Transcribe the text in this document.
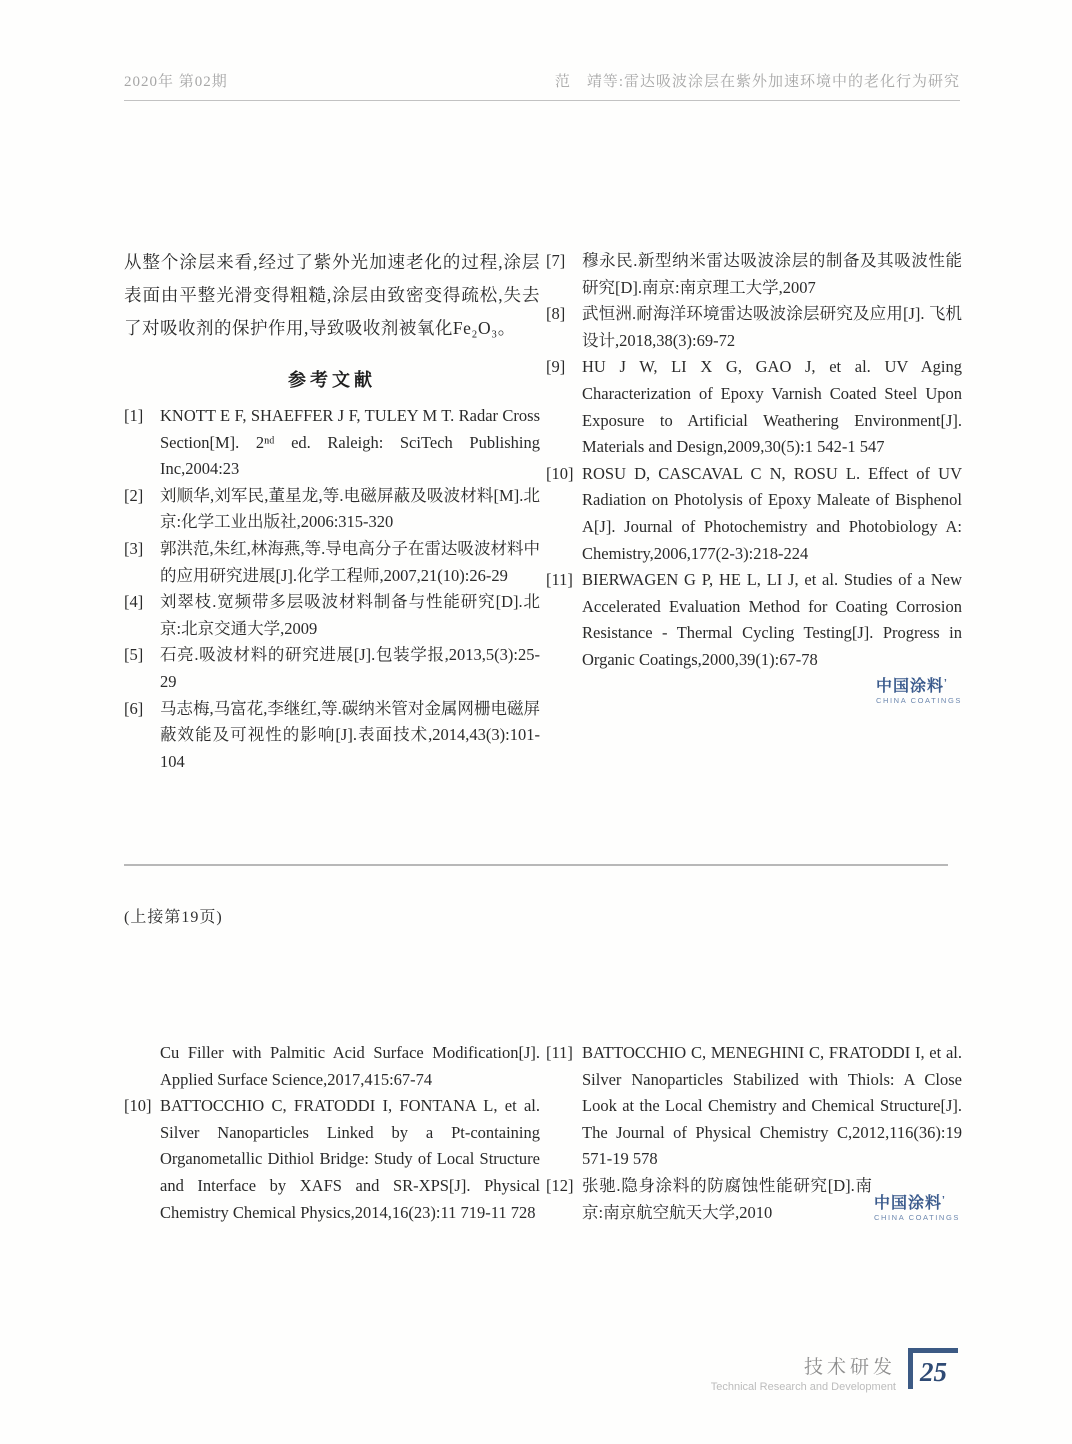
2020年 第02期	范　靖等:雷达吸波涂层在紫外加速环境中的老化行为研究
从整个涂层来看,经过了紫外光加速老化的过程,涂层表面由平整光滑变得粗糙,涂层由致密变得疏松,失去了对吸收剂的保护作用,导致吸收剂被氧化Fe₂O₃。
参考文献
[1]	KNOTT E F, SHAEFFER J F, TULEY M T. Radar Cross Section[M]. 2ⁿᵈ ed. Raleigh: SciTech Publishing Inc,2004:23
[2]	刘顺华,刘军民,董星龙,等.电磁屏蔽及吸波材料[M].北京:化学工业出版社,2006:315-320
[3]	郭洪范,朱红,林海燕,等.导电高分子在雷达吸波材料中的应用研究进展[J].化学工程师,2007,21(10):26-29
[4]	刘翠枝.宽频带多层吸波材料制备与性能研究[D].北京:北京交通大学,2009
[5]	石亮.吸波材料的研究进展[J].包装学报,2013,5(3):25-29
[6]	马志梅,马富花,李继红,等.碳纳米管对金属网栅电磁屏蔽效能及可视性的影响[J].表面技术,2014,43(3):101-104
[7]	穆永民.新型纳米雷达吸波涂层的制备及其吸波性能研究[D].南京:南京理工大学,2007
[8]	武恒洲.耐海洋环境雷达吸波涂层研究及应用[J]. 飞机设计,2018,38(3):69-72
[9]	HU J W, LI X G, GAO J, et al. UV Aging Characterization of Epoxy Varnish Coated Steel Upon Exposure to Artificial Weathering Environment[J]. Materials and Design,2009,30(5):1 542-1 547
[10] ROSU D, CASCAVAL C N, ROSU L. Effect of UV Radiation on Photolysis of Epoxy Maleate of Bisphenol A[J]. Journal of Photochemistry and Photobiology A: Chemistry,2006,177(2-3):218-224
[11] BIERWAGEN G P, HE L, LI J, et al. Studies of a New Accelerated Evaluation Method for Coating Corrosion Resistance - Thermal Cycling Testing[J]. Progress in Organic Coatings,2000,39(1):67-78
中国涂料’
CHINA COATINGS
(上接第19页)
Cu Filler with Palmitic Acid Surface Modification[J]. Applied Surface Science,2017,415:67-74
[10] BATTOCCHIO C, FRATODDI I, FONTANA L, et al. Silver Nanoparticles Linked by a Pt-containing Organometallic Dithiol Bridge: Study of Local Structure and Interface by XAFS and SR-XPS[J]. Physical Chemistry Chemical Physics,2014,16(23):11 719-11 728
[11] BATTOCCHIO C, MENEGHINI C, FRATODDI I, et al. Silver Nanoparticles Stabilized with Thiols: A Close Look at the Local Chemistry and Chemical Structure[J]. The Journal of Physical Chemistry C,2012,116(36):19 571-19 578
[12] 张驰.隐身涂料的防腐蚀性能研究[D].南京:南京航空航天大学,2010	中国涂料’
CHINA COATINGS
技术研发
Technical Research and Development
25
